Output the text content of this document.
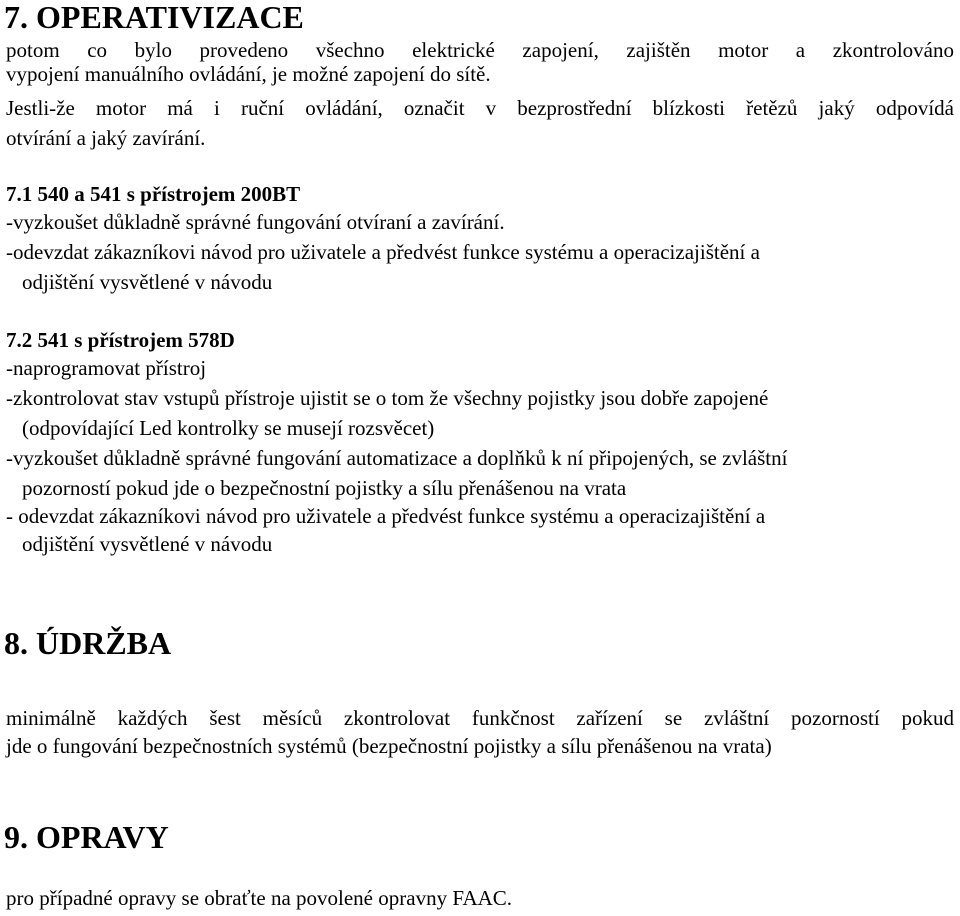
7. OPERATIVIZACE

potom co bylo provedeno všechno elektrické zapojení, zajištěn motor a zkontrolováno

vypojení manuálního ovládání, je možné zapojení do sítě.

Jestli-že motor má i ruční ovládání, označit v bezprostřední blízkosti řetězů jaký odpovídá

otvírání a jaký zavírání.

7.1 540 a 541 s přístrojem 200BT

-vyzkoušet důkladně správné fungování otvíraní a zavírání.

-odevzdat zákazníkovi návod pro uživatele a předvést funkce systému a operacizajištění a

odjištění vysvětlené v návodu

7.2 541 s přístrojem 578D

-naprogramovat přístroj

-zkontrolovat stav vstupů přístroje ujistit se o tom že všechny pojistky jsou dobře zapojené

(odpovídající Led kontrolky se musejí rozsvěcet)

-vyzkoušet důkladně správné fungování automatizace a doplňků k ní připojených, se zvláštní

pozorností pokud jde o bezpečnostní pojistky a sílu přenášenou na vrata

- odevzdat zákazníkovi návod pro uživatele a předvést funkce systému a operacizajištění a

odjištění vysvětlené v návodu

8. ÚDRŽBA

minimálně každých šest měsíců zkontrolovat funkčnost zařízení se zvláštní pozorností pokud

jde o fungování bezpečnostních systémů (bezpečnostní pojistky a sílu přenášenou na vrata)

9. OPRAVY

pro případné opravy se obraťte na povolené opravny FAAC.
